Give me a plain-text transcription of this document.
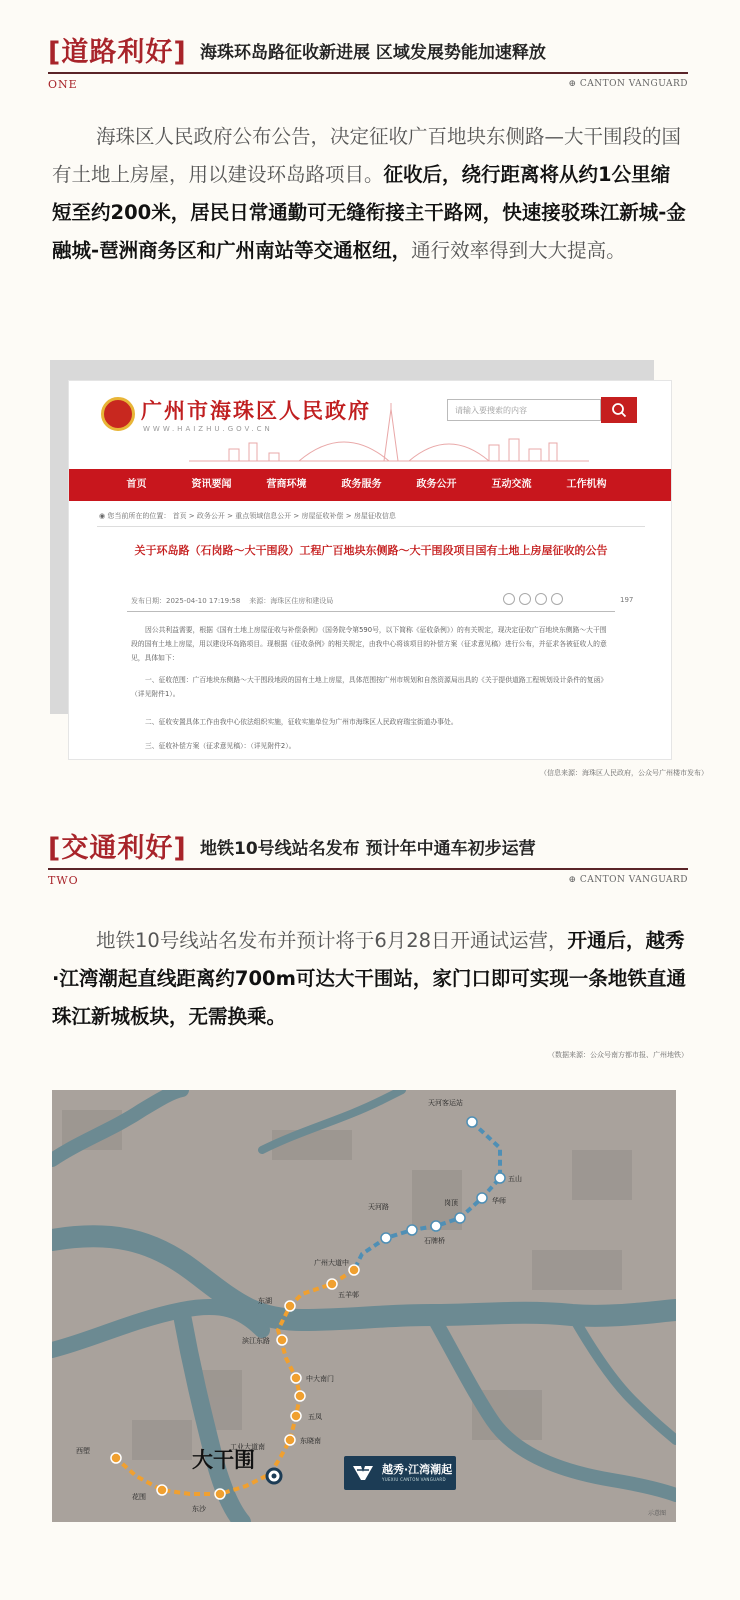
[道路利好] 海珠环岛路征收新进展 区域发展势能加速释放
ONE	⊕ CANTON VANGUARD
海珠区人民政府公布公告，决定征收广百地块东侧路—大干围段的国有土地上房屋，用以建设环岛路项目。征收后，绕行距离将从约1公里缩短至约200米，居民日常通勤可无缝衔接主干路网，快速接驳珠江新城-金融城-琶洲商务区和广州南站等交通枢纽，通行效率得到大大提高。
广州市海珠区人民政府
WWW.HAIZHU.GOV.CN
请输入要搜索的内容
首页	资讯要闻	营商环境	政务服务	政务公开	互动交流	工作机构
◉ 您当前所在的位置： 首页 > 政务公开 > 重点领域信息公开 > 房屋征收补偿 > 房屋征收信息
关于环岛路（石岗路～大干围段）工程广百地块东侧路～大干围段项目国有土地上房屋征收的公告
发布日期：2025-04-10 17:19:58 来源：海珠区住房和建设局	197
因公共利益需要，根据《国有土地上房屋征收与补偿条例》（国务院令第590号，以下简称《征收条例》）的有关规定，现决定征收广百地块东侧路～大干围段的国有土地上房屋，用以建设环岛路项目。现根据《征收条例》的相关规定，由我中心将该项目的补偿方案（征求意见稿）进行公布，并征求各被征收人的意见，具体如下：
一、征收范围：广百地块东侧路～大干围段地段的国有土地上房屋，具体范围按广州市规划和自然资源局出具的《关于提供道路工程规划设计条件的复函》（详见附件1）。
二、征收安置具体工作由我中心依法组织实施，征收实施单位为广州市海珠区人民政府瑞宝街道办事处。
三、征收补偿方案（征求意见稿）：（详见附件2）。
（信息来源：海珠区人民政府，公众号广州楼市发布）
[交通利好] 地铁10号线站名发布 预计年中通车初步运营
TWO	⊕ CANTON VANGUARD
地铁10号线站名发布并预计将于6月28日开通试运营，开通后，越秀·江湾潮起直线距离约700m可达大干围站，家门口即可实现一条地铁直通珠江新城板块，无需换乘。
（数据来源：公众号南方都市报、广州地铁）
天河客运站
五山
华师
岗顶
天河路
石牌桥
广州大道中
五羊邨
东湖
滨江东路
中大南门
五凤
东晓南
工业大道南
大干围
东沙
花围
西塱
越秀·江湾潮起
YUEXIU CANTON VANGUARD
示意图
